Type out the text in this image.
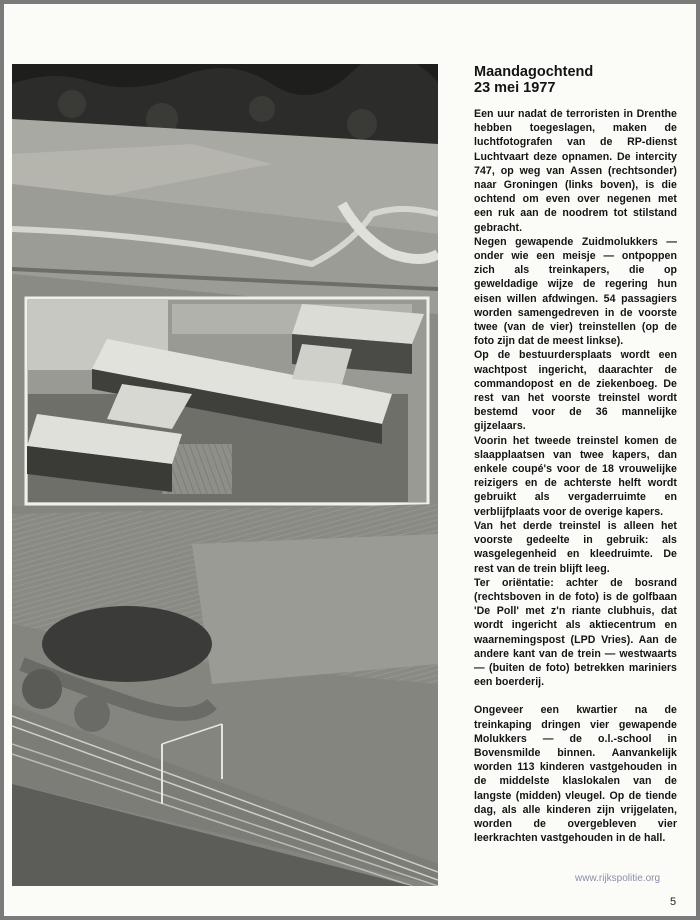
Maandagochtend
23 mei 1977

Een uur nadat de terroristen in Drenthe hebben toegeslagen, maken de luchtfotografen van de RP-dienst Luchtvaart deze opnamen. De intercity 747, op weg van Assen (rechtsonder) naar Groningen (links boven), is die ochtend om even over negenen met een ruk aan de noodrem tot stilstand gebracht.

Negen gewapende Zuidmolukkers — onder wie een meisje — ontpoppen zich als treinkapers, die op geweldadige wijze de regering hun eisen willen afdwingen. 54 passagiers worden samengedreven in de voorste twee (van de vier) treinstellen (op de foto zijn dat de meest linkse).

Op de bestuurdersplaats wordt een wachtpost ingericht, daarachter de commandopost en de ziekenboeg. De rest van het voorste treinstel wordt bestemd voor de 36 mannelijke gijzelaars.

Voorin het tweede treinstel komen de slaapplaatsen van twee kapers, dan enkele coupé's voor de 18 vrouwelijke reizigers en de achterste helft wordt gebruikt als vergaderruimte en verblijfplaats voor de overige kapers.

Van het derde treinstel is alleen het voorste gedeelte in gebruik: als wasgelegenheid en kleedruimte. De rest van de trein blijft leeg.

Ter oriëntatie: achter de bosrand (rechtsboven in de foto) is de golfbaan 'De Poll' met z'n riante clubhuis, dat wordt ingericht als aktiecentrum en waarnemingspost (LPD Vries). Aan de andere kant van de trein — westwaarts — (buiten de foto) betrekken mariniers een boerderij.

Ongeveer een kwartier na de treinkaping dringen vier gewapende Molukkers — de o.l.-school in Bovensmilde binnen. Aanvankelijk worden 113 kinderen vastgehouden in de middelste klaslokalen van de langste (midden) vleugel. Op de tiende dag, als alle kinderen zijn vrijgelaten, worden de overgebleven vier leerkrachten vastgehouden in de hall.

www.rijkspolitie.org
5
